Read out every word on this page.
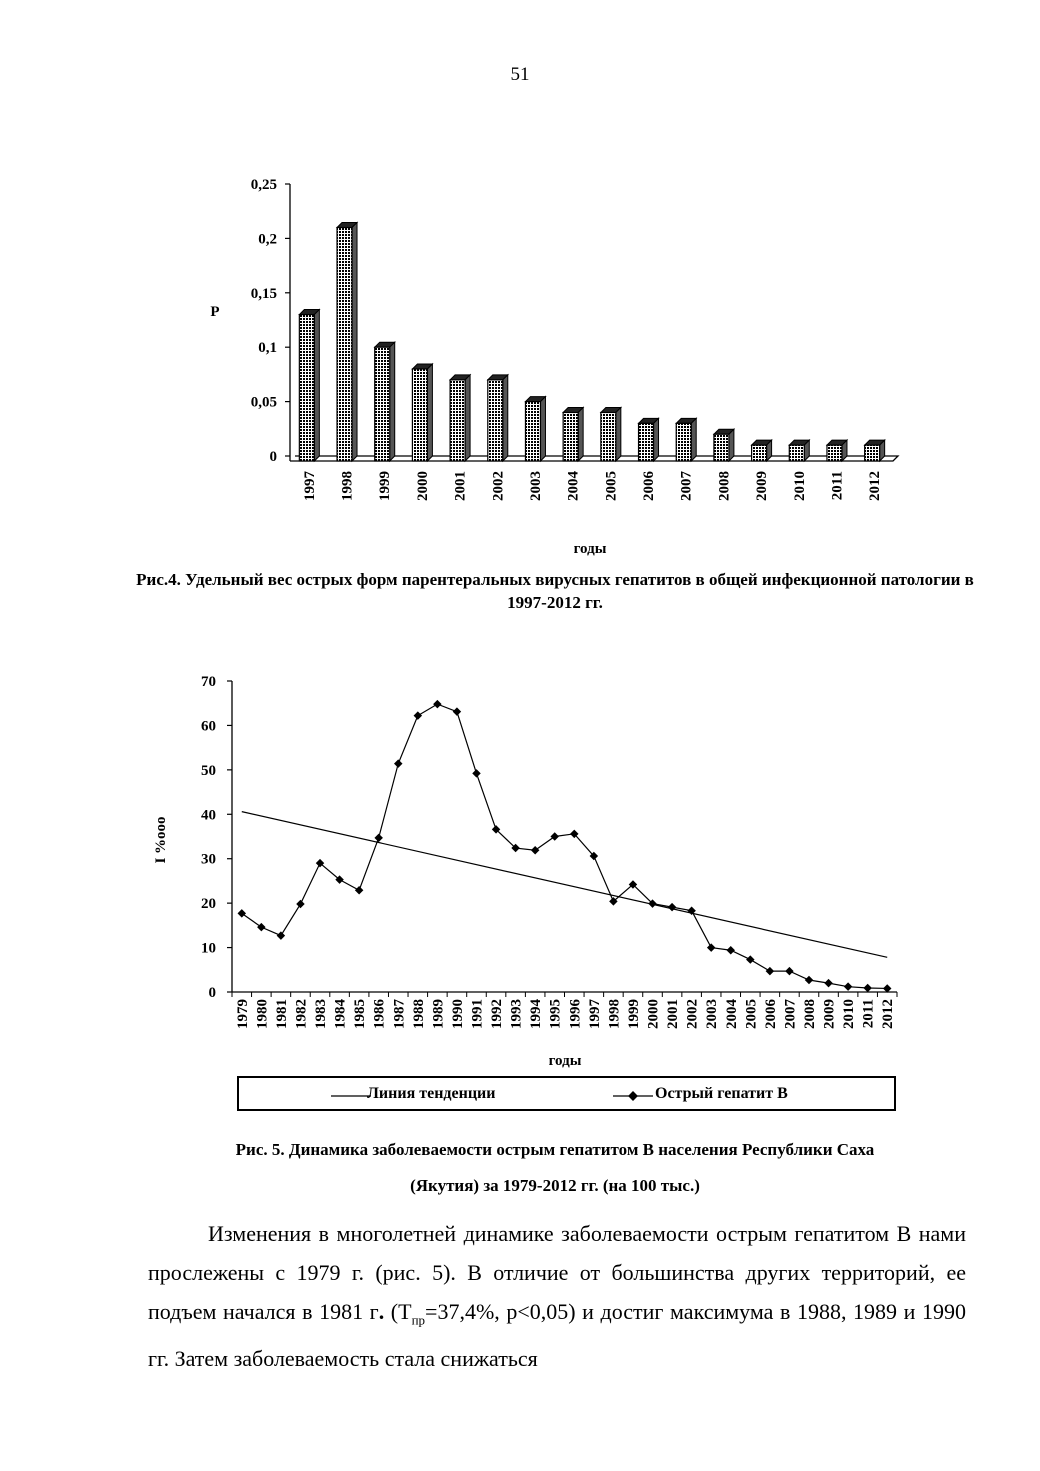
51
0
0,05
0,1
0,15
0,2
0,25
1997 1998 1999 2000 2001 2002 2003 2004 2005 2006 2007 2008 2009 2010 2011 2012
годы
Р
Рис.4. Удельный вес острых форм парентеральных вирусных гепатитов в общей инфекционной патологии в 1997-2012 гг.
0
10
20
30
40
50
60
70
1979 1980 1981 1982 1983 1984 1985 1986 1987 1988 1989 1990 1991 1992 1993 1994 1995 1996 1997 1998 1999 2000 2001 2002 2003 2004 2005 2006 2007 2008 2009 2010 2011 2012
годы
I %ooo
Линия тенденции	Острый гепатит В
Рис. 5. Динамика заболеваемости острым гепатитом В населения Республики Саха
(Якутия) за 1979-2012 гг. (на 100 тыс.)

Изменения в многолетней динамике заболеваемости острым гепатитом В нами прослежены с 1979 г. (рис. 5). В отличие от большинства других территорий, ее подъем начался в 1981 г. ($Т_{пр}=37,4\%$, p<0,05) и достиг максимума в 1988, 1989 и 1990 гг. Затем заболеваемость стала снижаться
